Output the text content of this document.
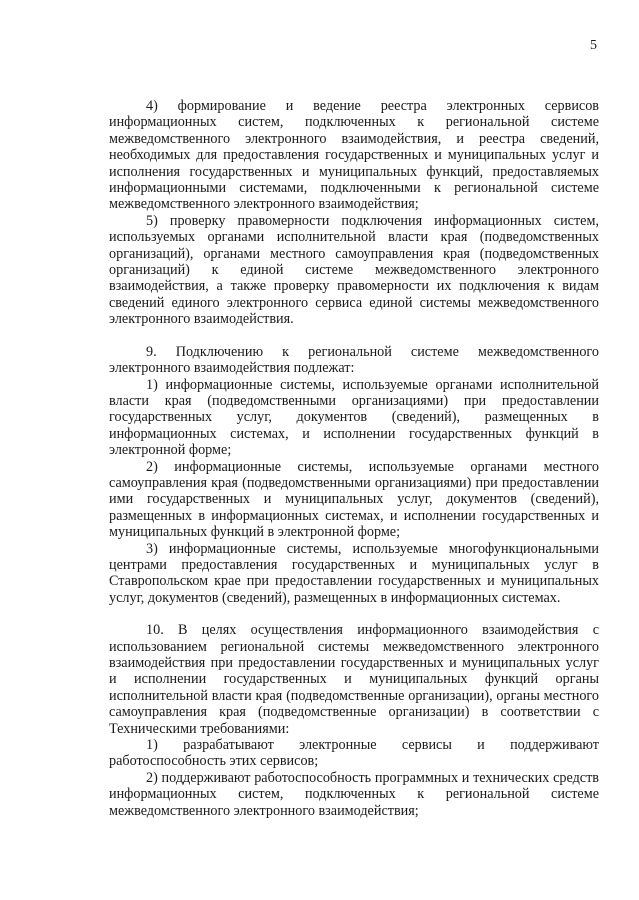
5

4) формирование и ведение реестра электронных сервисов информационных систем, подключенных к региональной системе межведомственного электронного взаимодействия, и реестра сведений, необходимых для предоставления государственных и муниципальных услуг и исполнения государственных и муниципальных функций, предоставляемых информационными системами, подключенными к региональной системе межведомственного электронного взаимодействия;

5) проверку правомерности подключения информационных систем, используемых органами исполнительной власти края (подведомственных организаций), органами местного самоуправления края (подведомственных организаций) к единой системе межведомственного электронного взаимодействия, а также проверку правомерности их подключения к видам сведений единого электронного сервиса единой системы межведомственного электронного взаимодействия.

9. Подключению к региональной системе межведомственного электронного взаимодействия подлежат:

1) информационные системы, используемые органами исполнительной власти края (подведомственными организациями) при предоставлении государственных услуг, документов (сведений), размещенных в информационных системах, и исполнении государственных функций в электронной форме;

2) информационные системы, используемые органами местного самоуправления края (подведомственными организациями) при предоставлении ими государственных и муниципальных услуг, документов (сведений), размещенных в информационных системах, и исполнении государственных и муниципальных функций в электронной форме;

3) информационные системы, используемые многофункциональными центрами предоставления государственных и муниципальных услуг в Ставропольском крае при предоставлении государственных и муниципальных услуг, документов (сведений), размещенных в информационных системах.

10. В целях осуществления информационного взаимодействия с использованием региональной системы межведомственного электронного взаимодействия при предоставлении государственных и муниципальных услуг и исполнении государственных и муниципальных функций органы исполнительной власти края (подведомственные организации), органы местного самоуправления края (подведомственные организации) в соответствии с Техническими требованиями:

1) разрабатывают электронные сервисы и поддерживают работоспособность этих сервисов;

2) поддерживают работоспособность программных и технических средств информационных систем, подключенных к региональной системе межведомственного электронного взаимодействия;
